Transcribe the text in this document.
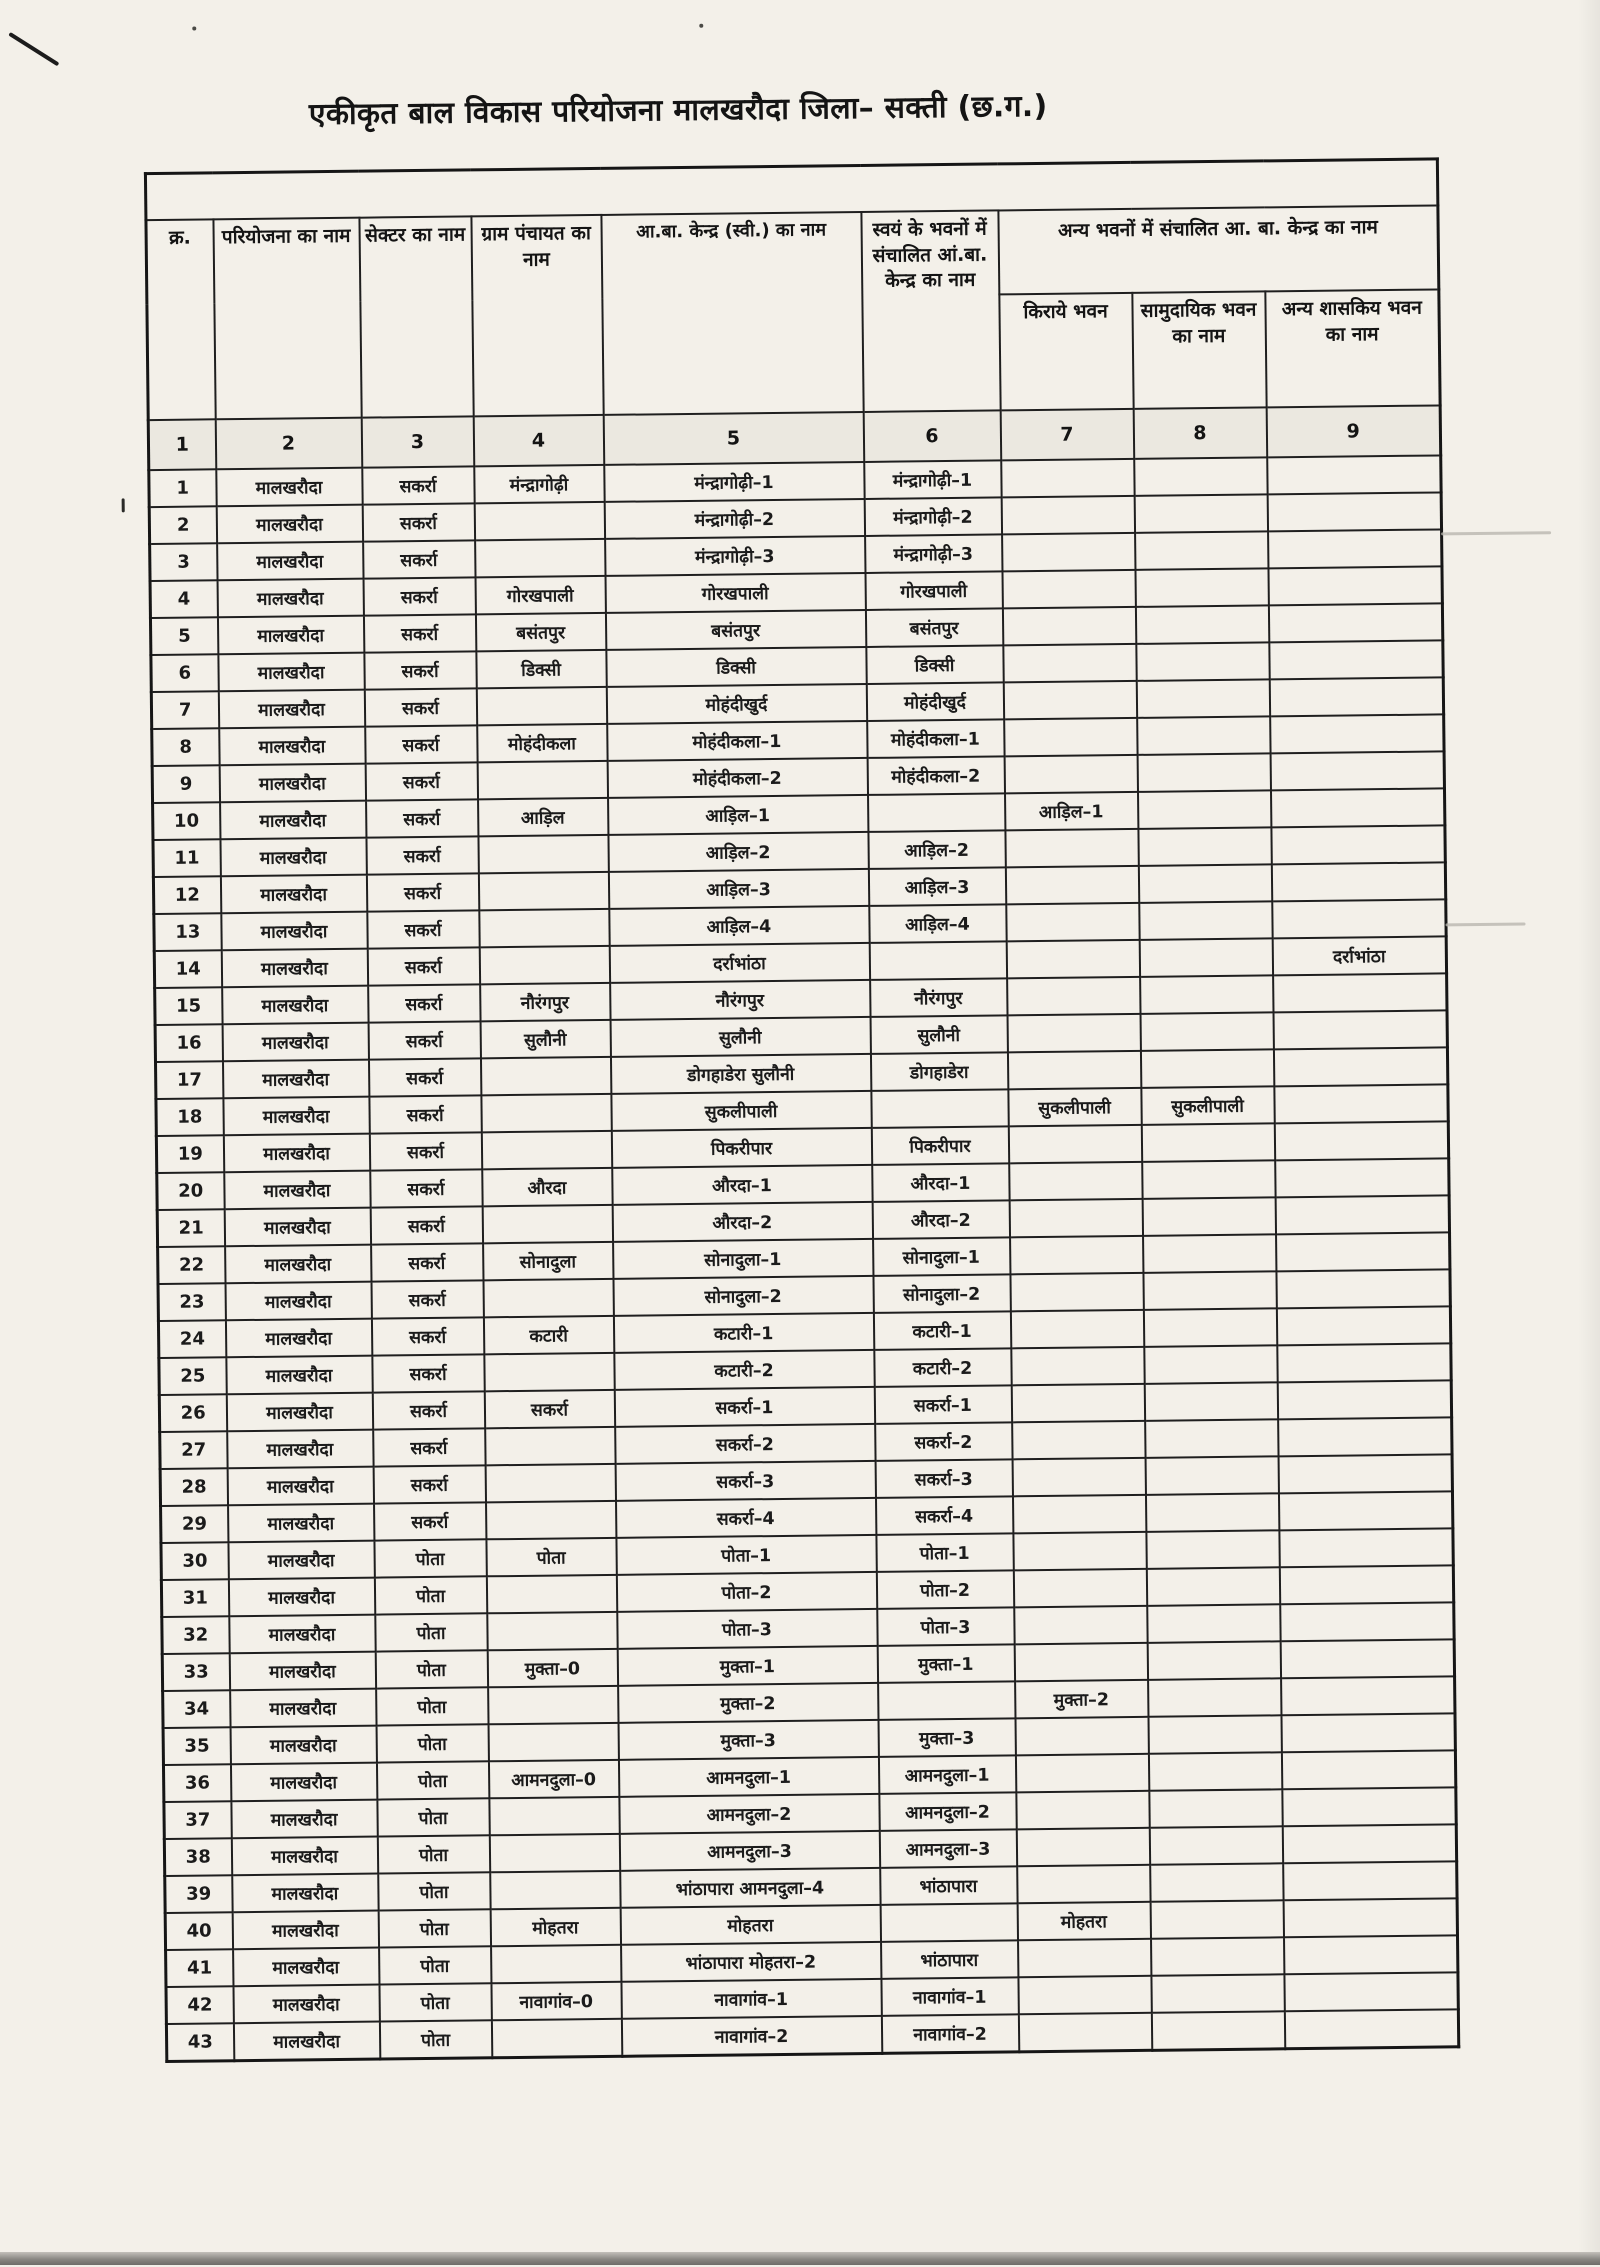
एकीकृत बाल विकास परियोजना मालखरौदा जिला– सक्ती (छ.ग.)

क्र.	परियोजना का नाम	सेक्टर का नाम	ग्राम पंचायत का नाम	आ.बा. केन्द्र (स्वी.) का नाम	स्वयं के भवनों में संचालित आं.बा. केन्द्र का नाम	अन्य भवनों में संचालित आ. बा. केन्द्र का नाम		
						किराये भवन	सामुदायिक भवन का नाम	अन्य शासकिय भवन का नाम
1	2	3	4	5	6	7	8	9
1	मालखरौदा	सकर्रा	मंन्द्रागोढ़ी	मंन्द्रागोढ़ी–1	मंन्द्रागोढ़ी–1			
2	मालखरौदा	सकर्रा		मंन्द्रागोढ़ी–2	मंन्द्रागोढ़ी–2			
3	मालखरौदा	सकर्रा		मंन्द्रागोढ़ी–3	मंन्द्रागोढ़ी–3			
4	मालखरौदा	सकर्रा	गोरखपाली	गोरखपाली	गोरखपाली			
5	मालखरौदा	सकर्रा	बसंतपुर	बसंतपुर	बसंतपुर			
6	मालखरौदा	सकर्रा	डिक्सी	डिक्सी	डिक्सी			
7	मालखरौदा	सकर्रा		मोहंदीखुर्द	मोहंदीखुर्द			
8	मालखरौदा	सकर्रा	मोहंदीकला	मोहंदीकला–1	मोहंदीकला–1			
9	मालखरौदा	सकर्रा		मोहंदीकला–2	मोहंदीकला–2			
10	मालखरौदा	सकर्रा	आड़िल	आड़िल–1		आड़िल–1		
11	मालखरौदा	सकर्रा		आड़िल–2	आड़िल–2			
12	मालखरौदा	सकर्रा		आड़िल–3	आड़िल–3			
13	मालखरौदा	सकर्रा		आड़िल–4	आड़िल–4			
14	मालखरौदा	सकर्रा		दर्राभांठा				दर्राभांठा
15	मालखरौदा	सकर्रा	नौरंगपुर	नौरंगपुर	नौरंगपुर			
16	मालखरौदा	सकर्रा	सुलौनी	सुलौनी	सुलौनी			
17	मालखरौदा	सकर्रा		डोगहाडेरा सुलौनी	डोगहाडेरा			
18	मालखरौदा	सकर्रा		सुकलीपाली		सुकलीपाली	सुकलीपाली	
19	मालखरौदा	सकर्रा		पिकरीपार	पिकरीपार			
20	मालखरौदा	सकर्रा	औरदा	औरदा–1	औरदा–1			
21	मालखरौदा	सकर्रा		औरदा–2	औरदा–2			
22	मालखरौदा	सकर्रा	सोनादुला	सोनादुला–1	सोनादुला–1			
23	मालखरौदा	सकर्रा		सोनादुला–2	सोनादुला–2			
24	मालखरौदा	सकर्रा	कटारी	कटारी–1	कटारी–1			
25	मालखरौदा	सकर्रा		कटारी–2	कटारी–2			
26	मालखरौदा	सकर्रा	सकर्रा	सकर्रा–1	सकर्रा–1			
27	मालखरौदा	सकर्रा		सकर्रा–2	सकर्रा–2			
28	मालखरौदा	सकर्रा		सकर्रा–3	सकर्रा–3			
29	मालखरौदा	सकर्रा		सकर्रा–4	सकर्रा–4			
30	मालखरौदा	पोता	पोता	पोता–1	पोता–1			
31	मालखरौदा	पोता		पोता–2	पोता–2			
32	मालखरौदा	पोता		पोता–3	पोता–3			
33	मालखरौदा	पोता	मुक्ता–0	मुक्ता–1	मुक्ता–1			
34	मालखरौदा	पोता		मुक्ता–2		मुक्ता–2		
35	मालखरौदा	पोता		मुक्ता–3	मुक्ता–3			
36	मालखरौदा	पोता	आमनदुला–0	आमनदुला–1	आमनदुला–1			
37	मालखरौदा	पोता		आमनदुला–2	आमनदुला–2			
38	मालखरौदा	पोता		आमनदुला–3	आमनदुला–3			
39	मालखरौदा	पोता		भांठापारा आमनदुला–4	भांठापारा			
40	मालखरौदा	पोता	मोहतरा	मोहतरा		मोहतरा		
41	मालखरौदा	पोता		भांठापारा मोहतरा–2	भांठापारा			
42	मालखरौदा	पोता	नावागांव–0	नावागांव–1	नावागांव–1			
43	मालखरौदा	पोता		नावागांव–2	नावागांव–2			
